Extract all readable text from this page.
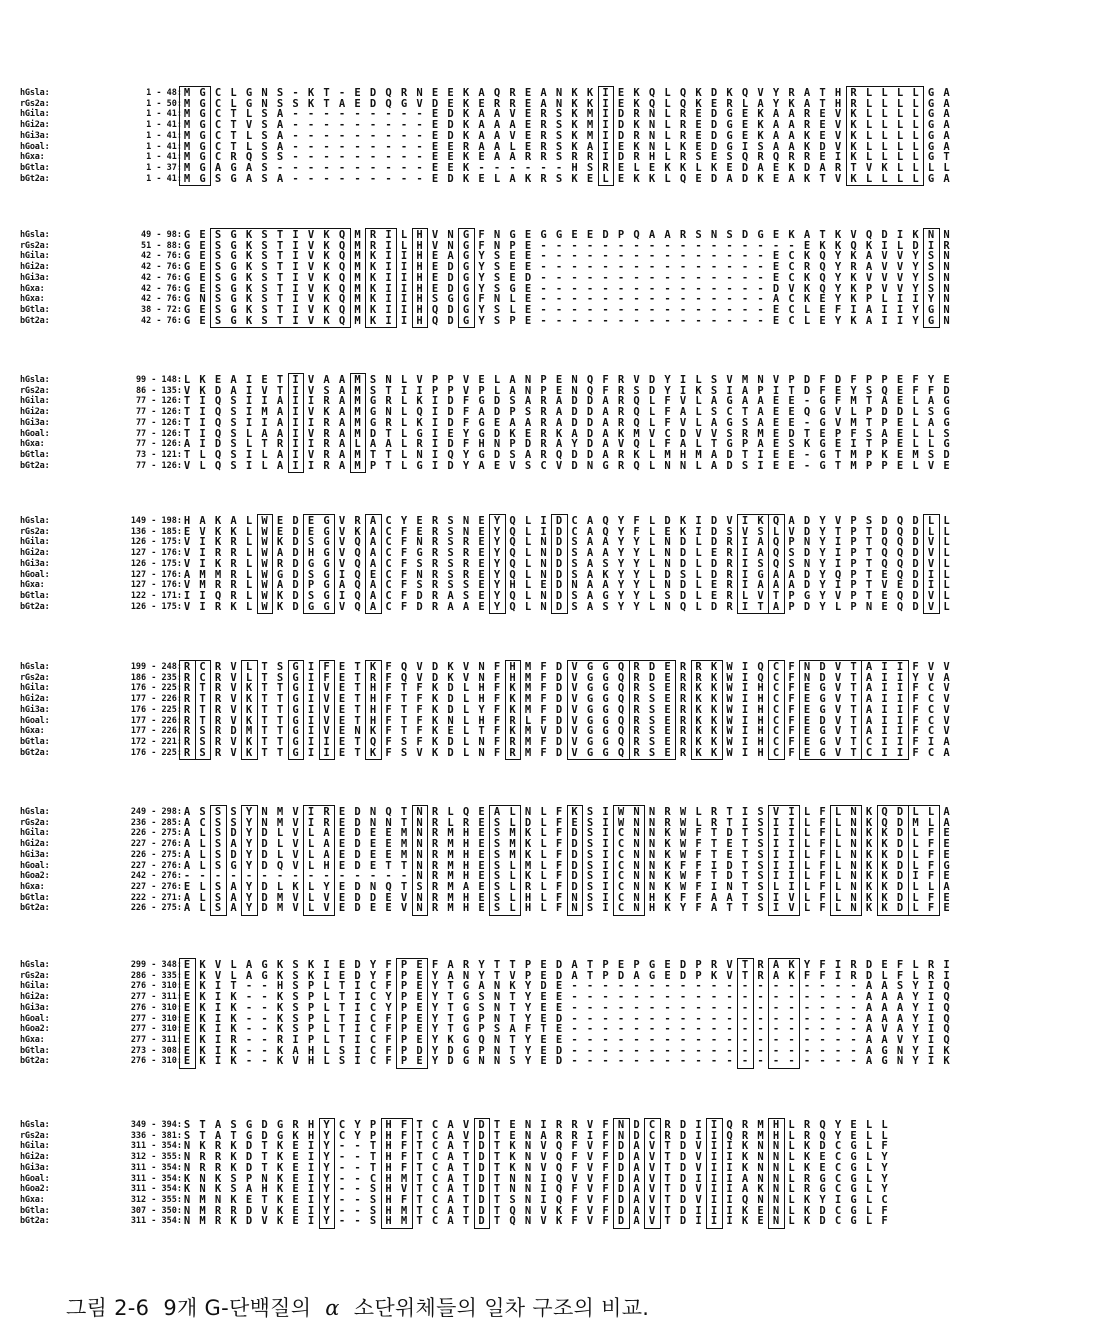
hGsla:	1 - 48: M G C L G N S - K T - E D Q R N E E K A Q R E A N K K I E K Q L Q K D K Q V Y R A T H R L L L L G A
rGs2a:	1 - 50: M G C L G N S S K T A E D Q G V D E K E R R E A N K K I E K Q L Q K E R L A Y K A T H R L L L L G A
hGila:	1 - 41: M G C T L S A - - - - - - - - - E D K A A V E R S K M I D R N L R E D G E K A A R E V K L L L L G A
hGi2a:	1 - 41: M G C T V S A - - - - - - - - - E D K A A A E R S K M I D K N L R E D G E K A A R E V K L L L L G A
hGi3a:	1 - 41: M G C T L S A - - - - - - - - - E D K A A V E R S K M I D R N L R E D G E K A A K E V K L L L L G A
hGoal:	1 - 41: M G C T L S A - - - - - - - - - E E R A A L E R S K A I E K N L K E D G I S A A K D V K L L L L G A
hGxa:	1 - 41: M G C R Q S S - - - - - - - - - E E K E A A R R S R R I D R H L R S E S Q R Q R R E I K L L L L G T
bGtla:	1 - 37: M G A G A S - - - - - - - - - - E E K - - - - - - H S R E L E K K L K E D A E K D A R T V K L L L L
bGt2a:	1 - 41: M G S G A S A - - - - - - - - - E D K E L A K R S K E L E K K L Q E D A D K E A K T V K L L L L G A
hGsla:	49 - 98: G E S G K S T I V K Q M R I L H V N G F N G E G G E E D P Q A A R S N S D G E K A T K V Q D I K N N
rGs2a:	51 - 88: G E S G K S T I V K Q M R I L H V N G F N P E - - - - - - - - - - - - - - - - - E K K Q K I L D I R
hGila:	42 - 76: G E S G K S T I V K Q M K I I H E A G Y S E E - - - - - - - - - - - - - - - E C K Q Y K A V V Y S N
hGi2a:	42 - 76: G E S G K S T I V K Q M K I I H E D G Y S E E - - - - - - - - - - - - - - - E C R Q Y R A V V Y S N
hGi3a:	42 - 76: G E S G K S T I V K Q M K I I H E D G Y S E D - - - - - - - - - - - - - - - E C K Q Y K V V V Y S N
hGxa:	42 - 76: G E S G K S T I V K Q M K I I H E D G Y S G E - - - - - - - - - - - - - - - D V K Q Y K P V V Y S N
hGxa:	42 - 76: G N S G K S T I V K Q M K I I H S G G F N L E - - - - - - - - - - - - - - - A C K E Y K P L I I Y N
bGtla:	38 - 72: G E S G K S T I V K Q M K I I H Q D G Y S L E - - - - - - - - - - - - - - - E C L E F I A I I Y G N
bGt2a:	42 - 76: G E S G K S T I V K Q M K I I H Q D G Y S P E - - - - - - - - - - - - - - - E C L E Y K A I I Y G N
hGsla:	99 - 148: L K E A I E T I V A A M S N L V P P V E L A N P E N Q F R V D Y I L S V M N V P D F D F P P E F Y E
rGs2a:	86 - 135: V K D A I V T I V S A M S T I I P P V P L A N P E N Q F R S D Y I K S I A P I T D F E Y S Q E F F D
hGila:	77 - 126: T I Q S I I A I I R A M G R L K I D F G D S A R A D D A R Q L F V L A G A A E E - G F M T A E L A G
hGi2a:	77 - 126: T I Q S I M A I V K A M G N L Q I D F A D P S R A D D A R Q L F A L S C T A E E Q G V L P D D L S G
hGi3a:	77 - 126: T I Q S I I A I I R A M G R L K I D F G E A A R A D D A R Q L F V L A G S A E E - G V M T P E L A G
hGoal:	77 - 126: T I Q S L A A I V R A M D T L G I E Y G D K E R K A D A K M V C D V V S R M E D T E P F S A E L L S
hGxa:	77 - 126: A I D S L T R I I R A L A A L R I D F H N P D R A Y D A V Q L F A L T G P A E S K G E I T P E L L G
bGtla:	73 - 121: T L Q S I L A I V R A M T T L N I Q Y G D S A R Q D D A R K L M H M A D T I E E - G T M P K E M S D
bGt2a:	77 - 126: V L Q S I L A I I R A M P T L G I D Y A E V S C V D N G R Q L N N L A D S I E E - G T M P P E L V E
hGsla:	149 - 198: H A K A L W E D E G V R A C Y E R S N E Y Q L I D C A Q Y F L D K I D V I K Q A D Y V P S D Q D L L
rGs2a:	136 - 185: E V K K L W E D E G V K A C F E R S N E Y Q L I D C A Q Y F L E K I D S V S L V D Y T P T D Q D L L
hGila:	126 - 175: V I K R L W K D S G V Q A C F N R S R E Y Q L N D S A A Y Y L N D L D R I A Q P N Y I P T Q Q D V L
hGi2a:	127 - 176: V I R R L W A D H G V Q A C F G R S R E Y Q L N D S A A Y Y L N D L E R I A Q S D Y I P T Q Q D V L
hGi3a:	126 - 175: V I K R L W R D G G V Q A C F S R S R E Y Q L N D S A S Y Y L N D L D R I S Q S N Y I P T Q Q D V L
hGoal:	127 - 176: A M M R L W G D S G I Q E C F N R S R E Y Q L N D S A K Y Y L D S L D R I G A A D Y Q P T E Q D I L
hGxa:	127 - 176: V M R R L W A D P G A Q A C F S R S S E Y H L E D N A A Y Y L N D L E R I A A A D Y I P T V E D I L
bGtla:	122 - 171: I I Q R L W K D S G I Q A C F D R A S E Y Q L N D S A G Y Y L S D L E R L V T P G Y V P T E Q D V L
bGt2a:	126 - 175: V I R K L W K D G G V Q A C F D R A A E Y Q L N D S A S Y Y L N Q L D R I T A P D Y L P N E Q D V L
hGsla:	199 - 248: R C R V L T S G I F E T K F Q V D K V N F H M F D V G G Q R D E R R K W I Q C F N D V T A I I F V V
rGs2a:	186 - 235: R C R V L T S G I F E T R F Q V D K V N F H M F D V G G Q R D E R R K W I Q C F N D V T A I I Y V A
hGila:	176 - 225: R T R V K T T G I V E T H F T F K D L H F K M F D V G G Q R S E R K K W I H C F E G V T A I I F C V
hGi2a:	177 - 226: R T R V K T T G I V E T H F T F K D L H F K M F D V G G Q R S E R K K W I H C F E G V T A I I F C V
hGi3a:	176 - 225: R T R V K T T G I V E T H F T F K D L Y F K M F D V G G Q R S E R K K W I H C F E G V T A I I F C V
hGoal:	177 - 226: R T R V K T T G I V E T H F T F K N L H F R L F D V G G Q R S E R K K W I H C F E D V T A I I F C V
hGxa:	177 - 226: R S R D M T T G I V E N K F T F K E L T F K M V D V G G Q R S E R K K W I H C F E G V T A I I F C V
bGtla:	172 - 221: R S R V K T T G I I E T Q F S F K D L N F R M F D V G G Q R S E R K K W I H C F E G V T C I I F I A
bGt2a:	176 - 225: R S R V K T T G I I E T K F S V K D L N F R M F D V G G Q R S E R K K W I H C F E G V T C I I F C A
hGsla:	249 - 298: A S S S Y N M V I R E D N Q T N R L Q E A L N L F K S I W N N R W L R T I S V I L F L N K Q D L L A
rGs2a:	236 - 285: A C S S Y N M V I R E D N N T N R L R E S L D L F E S I W N N R W L R T I S I I L F L N K Q D M L A
hGila:	226 - 275: A L S D Y D L V L A E D E E M N R M H E S M K L F D S I C N N K W F T D T S I I L F L N K K D L F E
hGi2a:	227 - 276: A L S A Y D L V L A E D E E M N R M H E S M K L F D S I C N N K W F T E T S I I L F L N K K D L F E
hGi3a:	226 - 275: A L S D Y D L V L A E D E E M N R M H E S M K L F D S I C N N K W F T E T S I I L F L N K K D L F E
hGoal:	227 - 276: A L S G Y D Q V L H E D E T T N R M H E S L M L F D S I C N N K F F I D T S I I L F L N K K D L F G
hGoa2:	242 - 276: - - - - - - - - - - - - - - - N R M H E S L K L F D S I C N N K W F T D T S I I L F L N K K D I F E
hGxa:	227 - 276: E L S A Y D L K L Y E D N Q T S R M A E S L R L F D S I C N N K W F I N T S L I L F L N K K D L L A
bGtla:	222 - 271: A L S A Y D M V L V E D D E V N R M H E S L H L F N S I C N H K F F A A T S I V L F L N K K D L F E
bGt2a:	226 - 275: A L S A Y D M V L V E D E E V N R M H E S L H L F N S I C N H K Y F A T T S I V L F L N K K D L F E
hGsla:	299 - 348: E K V L A G K S K I E D Y F P E F A R Y T T P E D A T P E P G E D P R V T R A K Y F I R D E F L R I
rGs2a:	286 - 335: E K V L A G K S K I E D Y F P E Y A N Y T V P E D A T P D A G E D P K V T R A K F F I R D L F L R I
hGila:	276 - 310: E K I T - - H S P L T I C F P E Y T G A N K Y D E - - - - - - - - - - - - - - - - - - - A A S Y I Q
hGi2a:	277 - 311: E K I K - - K S P L T I C Y P E Y T G S N T Y E E - - - - - - - - - - - - - - - - - - - A A A Y I Q
hGi3a:	276 - 310: E K I K - - K S P L T I C Y P E Y T G S N T Y E E - - - - - - - - - - - - - - - - - - - A A A Y I Q
hGoal:	277 - 310: E K I K - - K S P L T I C F P E Y T G P N T Y E D - - - - - - - - - - - - - - - - - - - A A A Y I Q
hGoa2:	277 - 310: E K I K - - K S P L T I C F P E Y T G P S A F T E - - - - - - - - - - - - - - - - - - - A V A Y I Q
hGxa:	277 - 311: E K I R - - R I P L T I C F P E Y K G Q N T Y E E - - - - - - - - - - - - - - - - - - - A A V Y I Q
bGtla:	273 - 308: E K I K - - K A H L S I C F P D Y D G P N T Y E D - - - - - - - - - - - - - - - - - - - A G N Y I K
bGt2a:	276 - 310: E K I K - - K V H L S I C F P E Y D G N N S Y E D - - - - - - - - - - - - - - - - - - - A G N Y I K
hGsla:	349 - 394: S T A S G D G R H Y C Y P H F T C A V D T E N I R R V F N D C R D I I Q R M H L R Q Y E L L
rGs2a:	336 - 381: S T A T G D G K H Y C Y P H F T C A V D T E N A R R I F N D C R D I I Q R M H L R Q Y E L L
hGila:	311 - 354: N K R K D T K E I Y - - T H F T C A T D T K N V Q F V F D A V T D V I I K N N L K D C G L F
hGi2a:	312 - 355: N R R K D T K E I Y - - T H F T C A T D T K N V Q F V F D A V T D V I I K N N L K E C G L Y
hGi3a:	311 - 354: N R R K D T K E I Y - - T H F T C A T D T K N V Q F V F D A V T D V I I K N N L K E C G L Y
hGoal:	311 - 354: K N K S P N K E I Y - - C H M T C A T D T N N I Q V V F D A V T D I I I A N N L R G C G L Y
hGoa2:	311 - 354: K N K S A H K E I Y - - S H V T C A T D T N N I Q F V F D A V T D V I I A K N L R G C G L Y
hGxa:	312 - 355: N M N K E T K E I Y - - S H F T C A T D T S N I Q F V F D A V T D V I I Q N N L K Y I G L C
bGtla:	307 - 350: N M R R D V K E I Y - - S H M T C A T D T Q N V K F V F D A V T D I I I K E N L K D C G L F
bGt2a:	311 - 354: N M R K D V K E I Y - - S H M T C A T D T Q N V K F V F D A V T D I I I K E N L K D C G L F
그림 2-6 9개 G-단백질의 α 소단위체들의 일차 구조의 비교.
